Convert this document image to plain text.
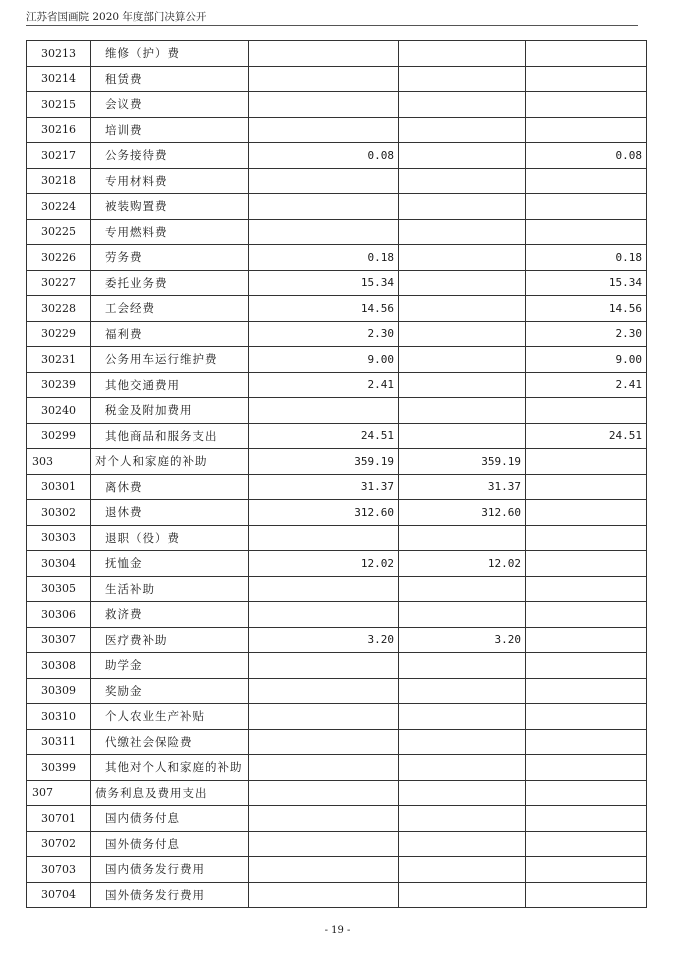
江苏省国画院 2020 年度部门决算公开
30213	维修（护）费			
30214	租赁费			
30215	会议费			
30216	培训费			
30217	公务接待费	0.08		0.08
30218	专用材料费			
30224	被装购置费			
30225	专用燃料费			
30226	劳务费	0.18		0.18
30227	委托业务费	15.34		15.34
30228	工会经费	14.56		14.56
30229	福利费	2.30		2.30
30231	公务用车运行维护费	9.00		9.00
30239	其他交通费用	2.41		2.41
30240	税金及附加费用			
30299	其他商品和服务支出	24.51		24.51
303	对个人和家庭的补助	359.19	359.19	
30301	离休费	31.37	31.37	
30302	退休费	312.60	312.60	
30303	退职（役）费			
30304	抚恤金	12.02	12.02	
30305	生活补助			
30306	救济费			
30307	医疗费补助	3.20	3.20	
30308	助学金			
30309	奖励金			
30310	个人农业生产补贴			
30311	代缴社会保险费			
30399	其他对个人和家庭的补助			
307	债务利息及费用支出			
30701	国内债务付息			
30702	国外债务付息			
30703	国内债务发行费用			
30704	国外债务发行费用			
- 19 -
